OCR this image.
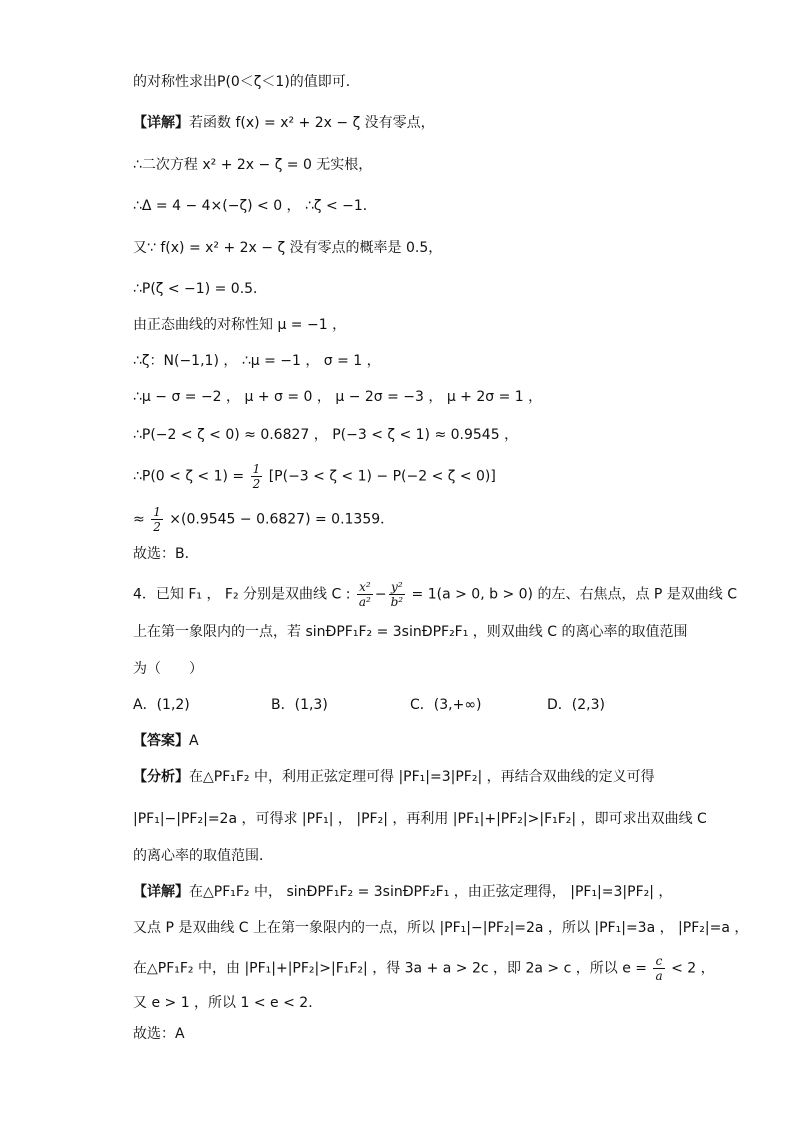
的对称性求出P(0＜ζ＜1)的值即可．
【详解】若函数 f(x) = x² + 2x − ζ 没有零点，
∴二次方程 x² + 2x − ζ = 0 无实根，
∴Δ = 4 − 4×(−ζ) < 0 ， ∴ζ < −1．
又∵ f(x) = x² + 2x − ζ 没有零点的概率是 0.5，
∴P(ζ < −1) = 0.5．
由正态曲线的对称性知 μ = −1 ，
∴ζ：N(−1,1) ， ∴μ = −1 ， σ = 1 ，
∴μ − σ = −2 ， μ + σ = 0 ， μ − 2σ = −3 ， μ + 2σ = 1 ，
∴P(−2 < ζ < 0) ≈ 0.6827 ， P(−3 < ζ < 1) ≈ 0.9545 ，
∴P(0 < $\zeta < 1) = \frac{1}{2} [P(-3 < \zeta < 1) - P(-2 < \zeta < 0)]$
≈ $\frac{1}{2} \times(0.9545 - 0.6827) = 0.1359$．
故选：B．
4．已知 F₁ ， F₂ 分别是双曲线 C : $\frac{\text{x²}}{\text{a²}} - \frac{\text{y²}}{\text{b²}} = 1(a > 0$, b > 0) 的左、右焦点，点 P 是双曲线 C
上在第一象限内的一点，若 sinÐPF₁F₂ = 3sinÐPF₂F₁ ，则双曲线 C 的离心率的取值范围
为（　　）
A．(1,2)	B．(1,3)	C．(3,+∞)	D．(2,3)
【答案】A
【分析】在△PF₁F₂ 中，利用正弦定理可得 |PF₁|=3|PF₂| ，再结合双曲线的定义可得
|PF₁|−|PF₂|=2a ，可得求 |PF₁| ， |PF₂| ，再利用 |PF₁|+|PF₂|>|F₁F₂| ，即可求出双曲线 C
的离心率的取值范围．
【详解】在△PF₁F₂ 中， sinÐPF₁F₂ = 3sinÐPF₂F₁ ，由正弦定理得， |PF₁|=3|PF₂| ，
又点 P 是双曲线 C 上在第一象限内的一点，所以 |PF₁|−|PF₂|=2a ，所以 |PF₁|=3a ， |PF₂|=a ，
在△PF₁F₂ 中，由 |PF₁|+|PF₂|>|F₁F₂| ，得 3a + a > 2c ，即 2a > c ，所以 $e = \frac{c}{a} < 2$ ，
又 e > 1 ，所以 1 < e < 2．
故选：A
